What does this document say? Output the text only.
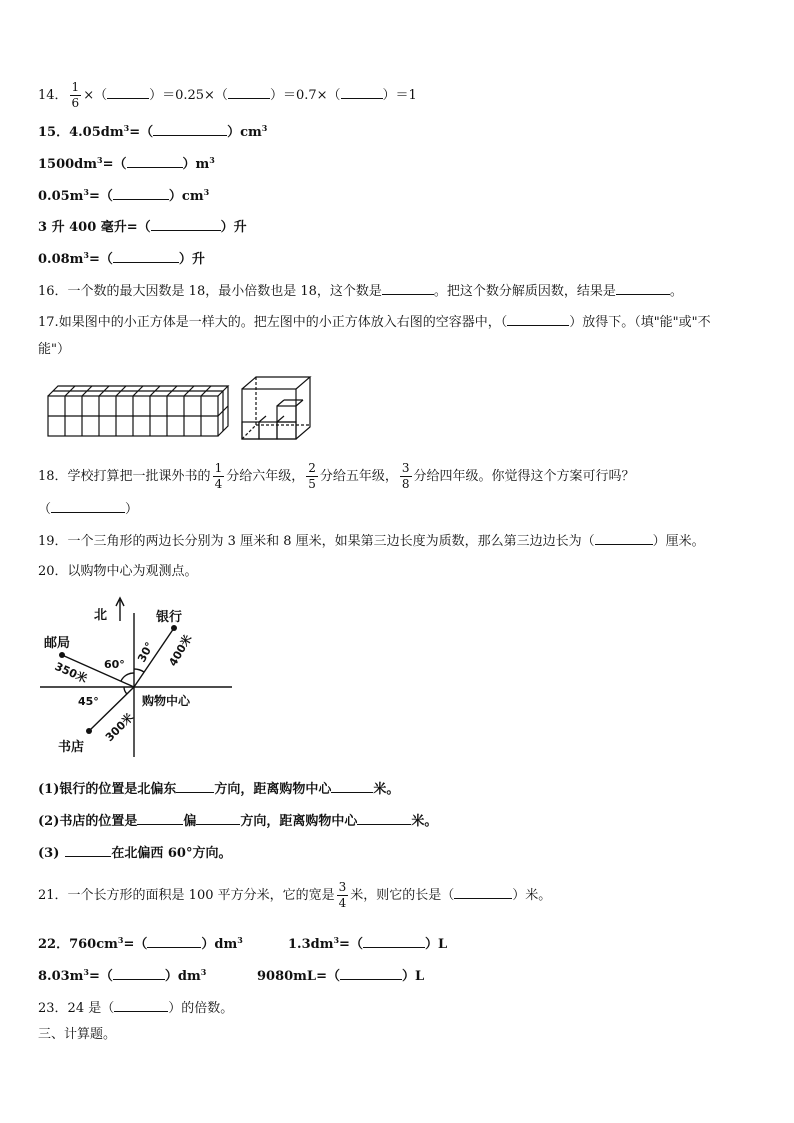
14． $\frac{1}{6}$ ×（	）＝0.25×（	）＝0.7×（	）＝1
15．$4.05dm^3=$（	）$cm^3$
$1500dm^3=$（	）$m^3$
$0.05m^3=$（	）$cm^3$
3 升 400 毫升=（	）升
$0.08m^3=$（	）升
16．一个数的最大因数是 18，最小倍数也是 18，这个数是	。把这个数分解质因数，结果是	。
17.如果图中的小正方体是一样大的。把左图中的小正方体放入右图的空容器中，（	）放得下。（填"能"或"不
能"）
18．学校打算把一批课外书的 $\frac{1}{4}$ 分给六年级， $\frac{2}{5}$ 分给五年级， $\frac{3}{8}$ 分给四年级。你觉得这个方案可行吗？
（	）
19．一个三角形的两边长分别为 3 厘米和 8 厘米，如果第三边长度为质数，那么第三边边长为（	）厘米。
20．以购物中心为观测点。
北	银行
邮局
书店
购物中心
60°
45°
30° 400米
350米
300米
(1)银行的位置是北偏东	方向，距离购物中心	米。
(2)书店的位置是	偏	方向，距离购物中心	米。
(3)	在北偏西 60°方向。
21．一个长方形的面积是 100 平方分米，它的宽是 $\frac{3}{4}$ 米，则它的长是（	）米。
22．$760cm^3=$（	）$dm^3$	$1.3dm^3=$（	）L
$8.03m^3=$（	）$dm^3$	9080mL=（	）L
23．24 是（	）的倍数。
三、计算题。
